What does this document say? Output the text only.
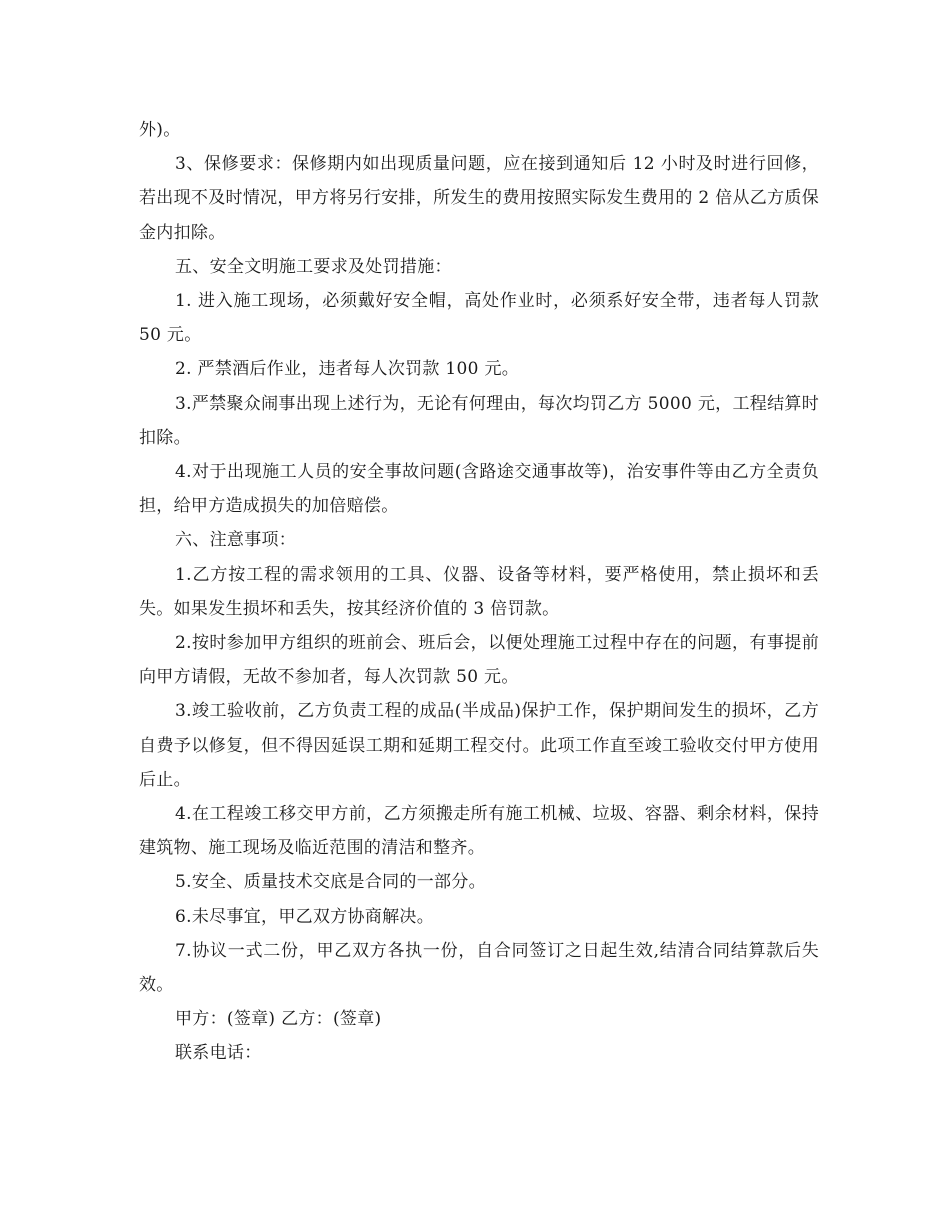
外)。

3、保修要求：保修期内如出现质量问题，应在接到通知后 12 小时及时进行回修，若出现不及时情况，甲方将另行安排，所发生的费用按照实际发生费用的 2 倍从乙方质保金内扣除。

五、安全文明施工要求及处罚措施：

1. 进入施工现场，必须戴好安全帽，高处作业时，必须系好安全带，违者每人罚款 50 元。

2. 严禁酒后作业，违者每人次罚款 100 元。

3.严禁聚众闹事出现上述行为，无论有何理由，每次均罚乙方 5000 元，工程结算时扣除。

4.对于出现施工人员的安全事故问题(含路途交通事故等)，治安事件等由乙方全责负担，给甲方造成损失的加倍赔偿。

六、注意事项：

1.乙方按工程的需求领用的工具、仪器、设备等材料，要严格使用，禁止损坏和丢失。如果发生损坏和丢失，按其经济价值的 3 倍罚款。

2.按时参加甲方组织的班前会、班后会，以便处理施工过程中存在的问题，有事提前向甲方请假，无故不参加者，每人次罚款 50 元。

3.竣工验收前，乙方负责工程的成品(半成品)保护工作，保护期间发生的损坏，乙方自费予以修复，但不得因延误工期和延期工程交付。此项工作直至竣工验收交付甲方使用后止。

4.在工程竣工移交甲方前，乙方须搬走所有施工机械、垃圾、容器、剩余材料，保持建筑物、施工现场及临近范围的清洁和整齐。

5.安全、质量技术交底是合同的一部分。

6.未尽事宜，甲乙双方协商解决。

7.协议一式二份，甲乙双方各执一份，自合同签订之日起生效,结清合同结算款后失效。

甲方：(签章) 乙方：(签章)

联系电话：
